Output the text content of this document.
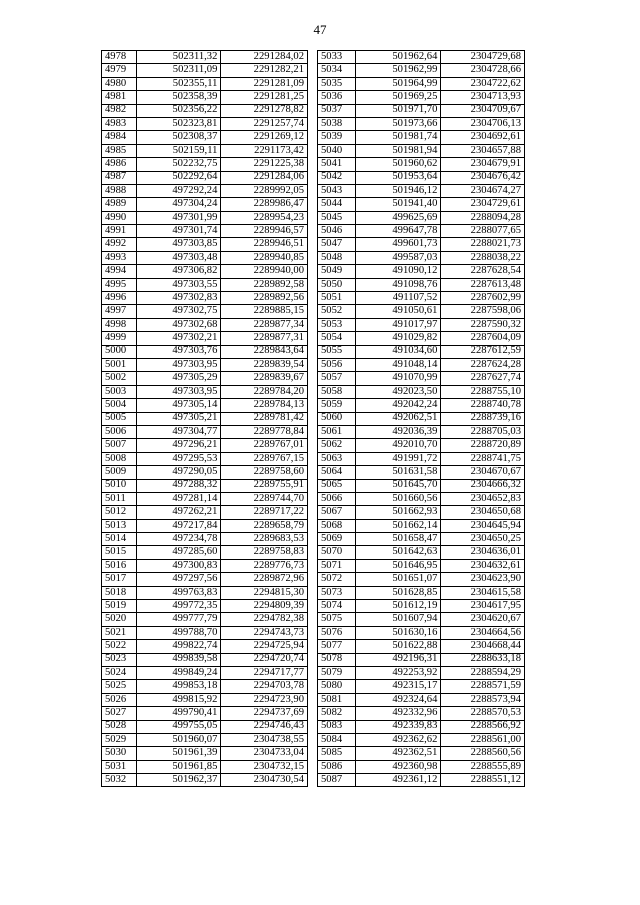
47
4978	502311,32	2291284,02
4979	502311,09	2291282,21
4980	502355,11	2291281,09
4981	502358,39	2291281,25
4982	502356,22	2291278,82
4983	502323,81	2291257,74
4984	502308,37	2291269,12
4985	502159,11	2291173,42
4986	502232,75	2291225,38
4987	502292,64	2291284,06
4988	497292,24	2289992,05
4989	497304,24	2289986,47
4990	497301,99	2289954,23
4991	497301,74	2289946,57
4992	497303,85	2289946,51
4993	497303,48	2289940,85
4994	497306,82	2289940,00
4995	497303,55	2289892,58
4996	497302,83	2289892,56
4997	497302,75	2289885,15
4998	497302,68	2289877,34
4999	497302,21	2289877,31
5000	497303,76	2289843,64
5001	497303,95	2289839,54
5002	497305,29	2289839,67
5003	497303,95	2289784,20
5004	497305,14	2289784,13
5005	497305,21	2289781,42
5006	497304,77	2289778,84
5007	497296,21	2289767,01
5008	497295,53	2289767,15
5009	497290,05	2289758,60
5010	497288,32	2289755,91
5011	497281,14	2289744,70
5012	497262,21	2289717,22
5013	497217,84	2289658,79
5014	497234,78	2289683,53
5015	497285,60	2289758,83
5016	497300,83	2289776,73
5017	497297,56	2289872,96
5018	499763,83	2294815,30
5019	499772,35	2294809,39
5020	499777,79	2294782,38
5021	499788,70	2294743,73
5022	499822,74	2294725,94
5023	499839,58	2294720,74
5024	499849,24	2294717,77
5025	499853,18	2294703,78
5026	499815,92	2294723,90
5027	499790,41	2294737,69
5028	499755,05	2294746,43
5029	501960,07	2304738,55
5030	501961,39	2304733,04
5031	501961,85	2304732,15
5032	501962,37	2304730,54
5033	501962,64	2304729,68
5034	501962,99	2304728,66
5035	501964,99	2304722,62
5036	501969,25	2304713,93
5037	501971,70	2304709,67
5038	501973,66	2304706,13
5039	501981,74	2304692,61
5040	501981,94	2304657,88
5041	501960,62	2304679,91
5042	501953,64	2304676,42
5043	501946,12	2304674,27
5044	501941,40	2304729,61
5045	499625,69	2288094,28
5046	499647,78	2288077,65
5047	499601,73	2288021,73
5048	499587,03	2288038,22
5049	491090,12	2287628,54
5050	491098,76	2287613,48
5051	491107,52	2287602,99
5052	491050,61	2287598,06
5053	491017,97	2287590,32
5054	491029,82	2287604,09
5055	491034,60	2287612,59
5056	491048,14	2287624,28
5057	491070,99	2287627,74
5058	492023,50	2288755,10
5059	492042,24	2288740,78
5060	492062,51	2288739,16
5061	492036,39	2288705,03
5062	492010,70	2288720,89
5063	491991,72	2288741,75
5064	501631,58	2304670,67
5065	501645,70	2304666,32
5066	501660,56	2304652,83
5067	501662,93	2304650,68
5068	501662,14	2304645,94
5069	501658,47	2304650,25
5070	501642,63	2304636,01
5071	501646,95	2304632,61
5072	501651,07	2304623,90
5073	501628,85	2304615,58
5074	501612,19	2304617,95
5075	501607,94	2304620,67
5076	501630,16	2304664,56
5077	501622,88	2304668,44
5078	492196,31	2288633,18
5079	492253,92	2288594,29
5080	492315,17	2288571,59
5081	492324,64	2288573,94
5082	492332,96	2288570,53
5083	492339,83	2288566,92
5084	492362,62	2288561,00
5085	492362,51	2288560,56
5086	492360,98	2288555,89
5087	492361,12	2288551,12
